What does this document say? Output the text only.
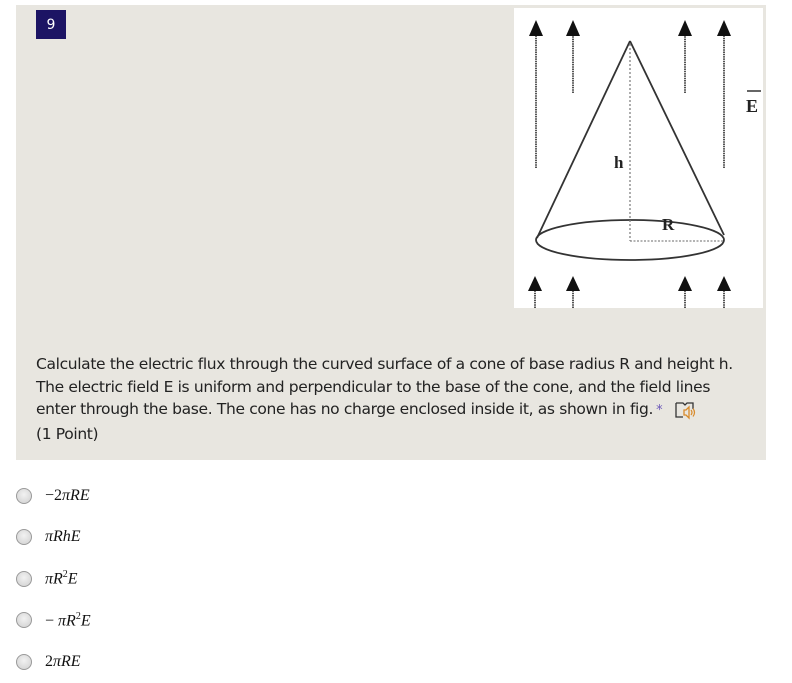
9
h
R
E
Calculate the electric flux through the curved surface of a cone of base radius R and height h.
The electric field E is uniform and perpendicular to the base of the cone, and the field lines
enter through the base. The cone has no charge enclosed inside it, as shown in fig. *
(1 Point)
−2πRE
πRhE
$\pi R^2E$
− $\pi R^2E$
2πRE
